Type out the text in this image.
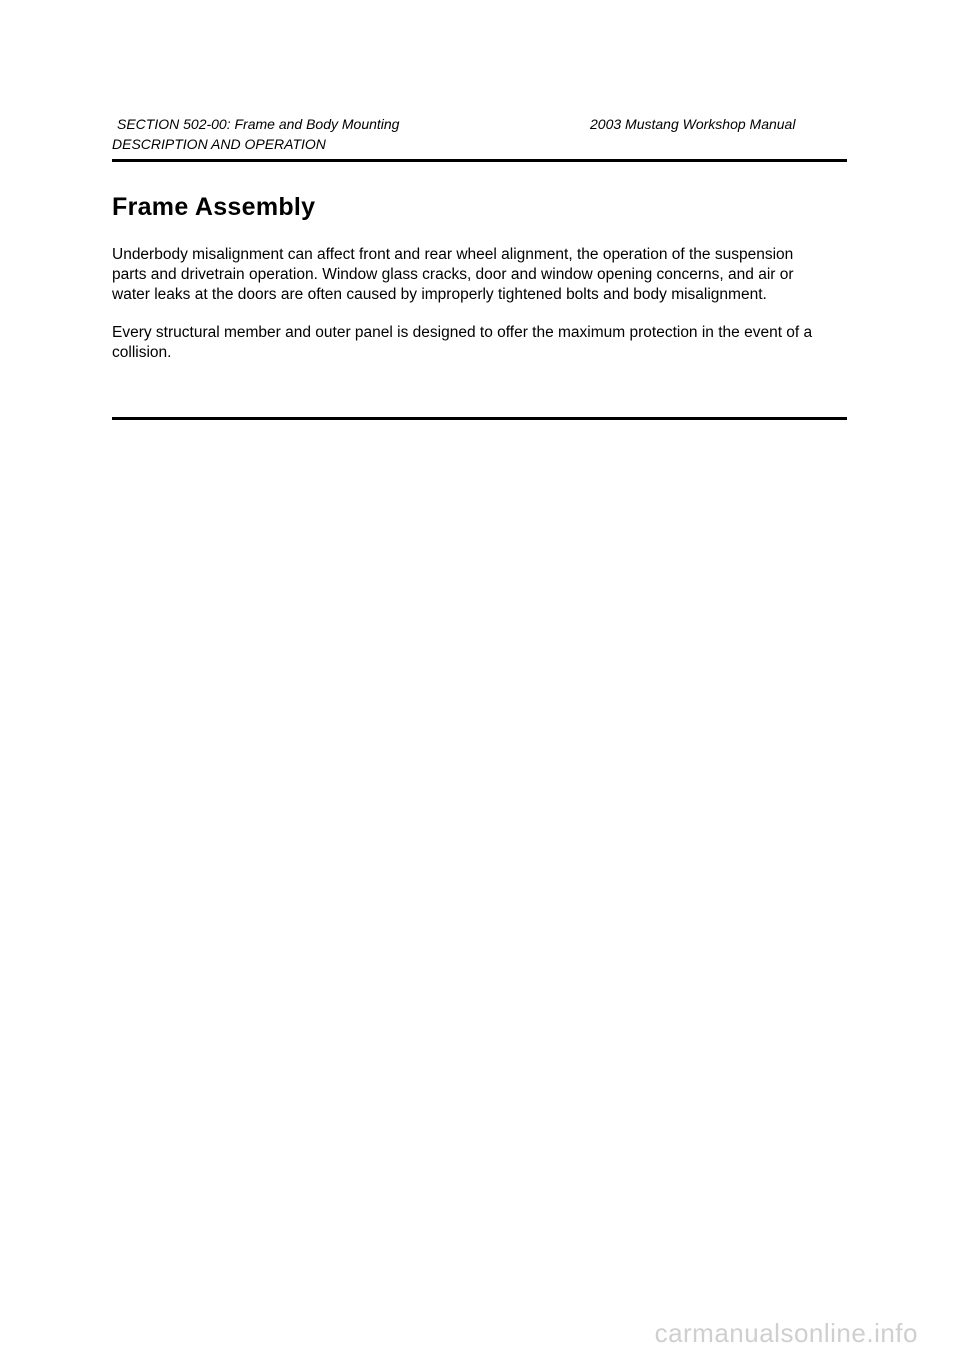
SECTION 502-00: Frame and Body Mounting	2003 Mustang Workshop Manual
DESCRIPTION AND OPERATION
Frame Assembly

Underbody misalignment can affect front and rear wheel alignment, the operation of the suspension
parts and drivetrain operation. Window glass cracks, door and window opening concerns, and air or
water leaks at the doors are often caused by improperly tightened bolts and body misalignment.

Every structural member and outer panel is designed to offer the maximum protection in the event of a
collision.

carmanualsonline.info
